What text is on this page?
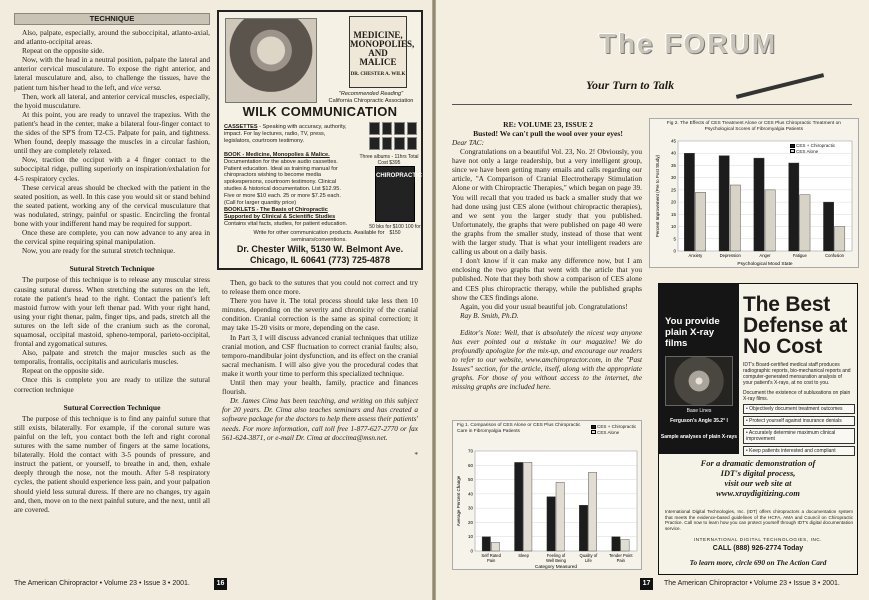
TECHNIQUE

Also, palpate, especially, around the suboccipital, atlanto-axial, and atlanto-occipital areas.

Repeat on the opposite side.

Now, with the head in a neutral position, palpate the lateral and anterior cervical musculature. To expose the right anterior, and lateral musculature and, also, to challenge the tissues, have the patient turn his/her head to the left, and vice versa.

Then, work all lateral, and anterior cervical muscles, especially, the hyoid musculature.

At this point, you are ready to unravel the trapezius. With the patient's head in the center, make a bilateral four-finger contact to the sides of the SP'S from T2-C5. Palpate for pain, and tightness. When found, deeply massage the muscles in a circular fashion, until they are completely relaxed.

Now, traction the occiput with a 4 finger contact to the suboccipital ridge, pulling superiorly on inspiration/exhalation for 4-5 respiratory cycles.

These cervical areas should be checked with the patient in the seated position, as well. In this case you would sit or stand behind the seated patient, working any of the cervical musculature that was nodulated, stringy, painful or spastic. Encircling the frontal bone with your indifferent hand may be required for support.

Once these are complete, you can now advance to any area in the cervical spine requiring spinal manipulation.

Now, you are ready for the sutural stretch technique.

Sutural Stretch Technique

The purpose of this technique is to release any muscular stress causing sutural duress. When stretching the sutures on the left, rotate the patient's head to the right. Contact the patient's left mastoid furrow with your left thenar pad. With your right hand, using your right thenar, palm, finger tips, and pads, stretch all the sutures on the left side of the cranium such as the coronal, squamosal, occipital mastoid, spheno-temporal, parieto-occipital, frontal and zygomatical sutures.

Also, palpate and stretch the major muscles such as the temporalis, frontalis, occipitalis and auricularis muscles.

Repeat on the opposite side.

Once this is complete you are ready to utilize the sutural correction technique

Sutural Correction Technique

The purpose of this technique is to find any painful suture that still exists, bilaterally. For example, if the coronal suture was painful on the left, you contact both the left and right coronal sutures with the same number of fingers at the same locations, bilaterally. Hold the contact with 3-5 pounds of pressure, and instruct the patient, or yourself, to breathe in and, then, exhale deeply through the nose, not the mouth. After 5-8 respiratory cycles, the patient should experience less pain, and your palpation should yield less sutural duress. If there are no changes, try again and, then, move on to the next painful suture, and the next, until all are covered.

MEDICINE, MONOPOLIES, AND MALICE
DR. CHESTER A. WILK
"Recommended Reading"
California Chiropractic Association
WILK COMMUNICATION
CASSETTES - Speaking with accuracy, authority, impact. For lay lectures, radio, TV, press, legislators, courtroom testimony.
Three albums - 11hrs Total Cost $395
BOOK - Medicine, Monopolies & Malice. Documentation for the above audio cassettes. Patient education. Ideal as training manual for chiropractors wishing to become media spokespersons, courtroom testimony. Clinical studies & historical documentation. List $12.95. Five or more $10 each. 25 or more $7.25 each. (Call for larger quantity price)
CHIROPRACTIC
BOOKLETS - The Basis of Chiropractic Supported by Clinical & Scientific Studies
Contains vital facts, studies, for patient education.
50 bks for $100 100 for $150
Write for other communication products. Available for seminars/conventions.
Dr. Chester Wilk, 5130 W. Belmont Ave.
Chicago, IL 60641 (773) 725-4878

Then, go back to the sutures that you could not correct and try to release them once more.

There you have it. The total process should take less then 10 minutes, depending on the severity and chronicity of the cranial condition. Cranial correction is the same as spinal correction; it may take 15-20 visits or more, depending on the case.

In Part 3, I will discuss advanced cranial techniques that utilize cranial motion, and CSF fluctuation to correct cranial faults; also, temporo-mandibular joint dysfunction, and its effect on the cranial sacral mechanism. I will also give you the procedural codes that make it worth your time to perform this specialized technique.

Until then may your health, family, practice and finances flourish.

Dr. James Cima has been teaching, and writing on this subject for 20 years. Dr. Cima also teaches seminars and has created a software package for the doctors to help them assess their patients' needs. For more information, call toll free 1-877-627-2770 or fax 561-624-3871, or e-mail Dr. Cima at doccima@msn.net.

*

The American Chiropractor • Volume 23 • Issue 3 • 2001.	16
The FORUM
Your Turn to Talk
RE: VOLUME 23, ISSUE 2
Busted! We can't pull the wool over your eyes!

Dear TAC:

Congratulations on a beautiful Vol. 23, No. 2! Obviously, you have not only a large readership, but a very intelligent group, since we have been getting many emails and calls regarding our article, "A Comparison of Cranial Electrotherapy Stimulation Alone or with Chiropractic Therapies," which began on page 39. You will recall that you traded us back a smaller study that we had done using just CES alone (without chiropractic therapies), and we sent you the larger study that you published. Unfortunately, the graphs that were published on page 40 were the graphs from the smaller study, instead of those that went with the larger study. That is what your intelligent readers are calling us about on a daily basis.

I don't know if it can make any difference now, but I am enclosing the two graphs that went with the article that you published. Note that they both show a comparison of CES alone and CES plus chiropractic therapy, while the published graphs show the CES findings alone.

Again, you did your usual beautiful job. Congratulations!

Ray B. Smith, Ph.D.

Editor's Note: Well, that is absolutely the nicest way anyone has ever pointed out a mistake in our magazine! We do profoundly apologize for the mix-up, and encourage our readers to refer to our website, www.amchiropractor.com, in the "Past Issues" section, for the article, itself, along with the appropriate graphs. For those of you without access to the internet, the missing graphs are included here.

Fig 2. The Effects of CES Treatment Alone or CES Plus Chiropractic Treatment on Psychological Scores of Fibromyalgia Patients
0
5
10
15
20
25
30
35
40
45
Anxiety	Depression	Anger	Fatigue	Confusion
Psychological Mood State
Percent Improvement (Pre to Post Study)
CES + Chiropractic
CES Alone
Fig 1. Comparison of CES Alone or CES Plus Chiropractic Care in Fibromyalgia Patients
0
10
20
30
40
50
60
70
Self Rated Pain
Sleep	Feeling of Well Being
Quality of Life
Tender Point Pain
Category Measured
Average Percent Change
CES + Chiropractic
CES Alone
You provide plain X-ray films
Base Lines
Ferguson's Angle 35.2° l
Sample analyses of plain X-rays
The Best Defense at No Cost
IDT's Board-certified medical staff produces radiographic reports, bio-mechanical reports and computer-generated mensuration analysis of your patient's X-rays, at no cost to you.
Document the existence of subluxations on plain X-ray films.
• Objectively document treatment outcomes
• Protect yourself against insurance denials
• Accurately determine maximum clinical improvement
• Keep patients interested and compliant
For a dramatic demonstration of
IDT's digital process,
visit our web site at
www.xraydigitizing.com
International Digital Technologies, Inc. (IDT) offers chiropractors a documentation system that meets the evidence-based guidelines of the HCFA, AMA and Council on Chiropractic Practice. Call now to learn how you can protect yourself through IDT's digital documentation service.
INTERNATIONAL DIGITAL TECHNOLOGIES, INC.
CALL (888) 926-2774 Today
To learn more, circle 690 on The Action Card
17	The American Chiropractor • Volume 23 • Issue 3 • 2001.
